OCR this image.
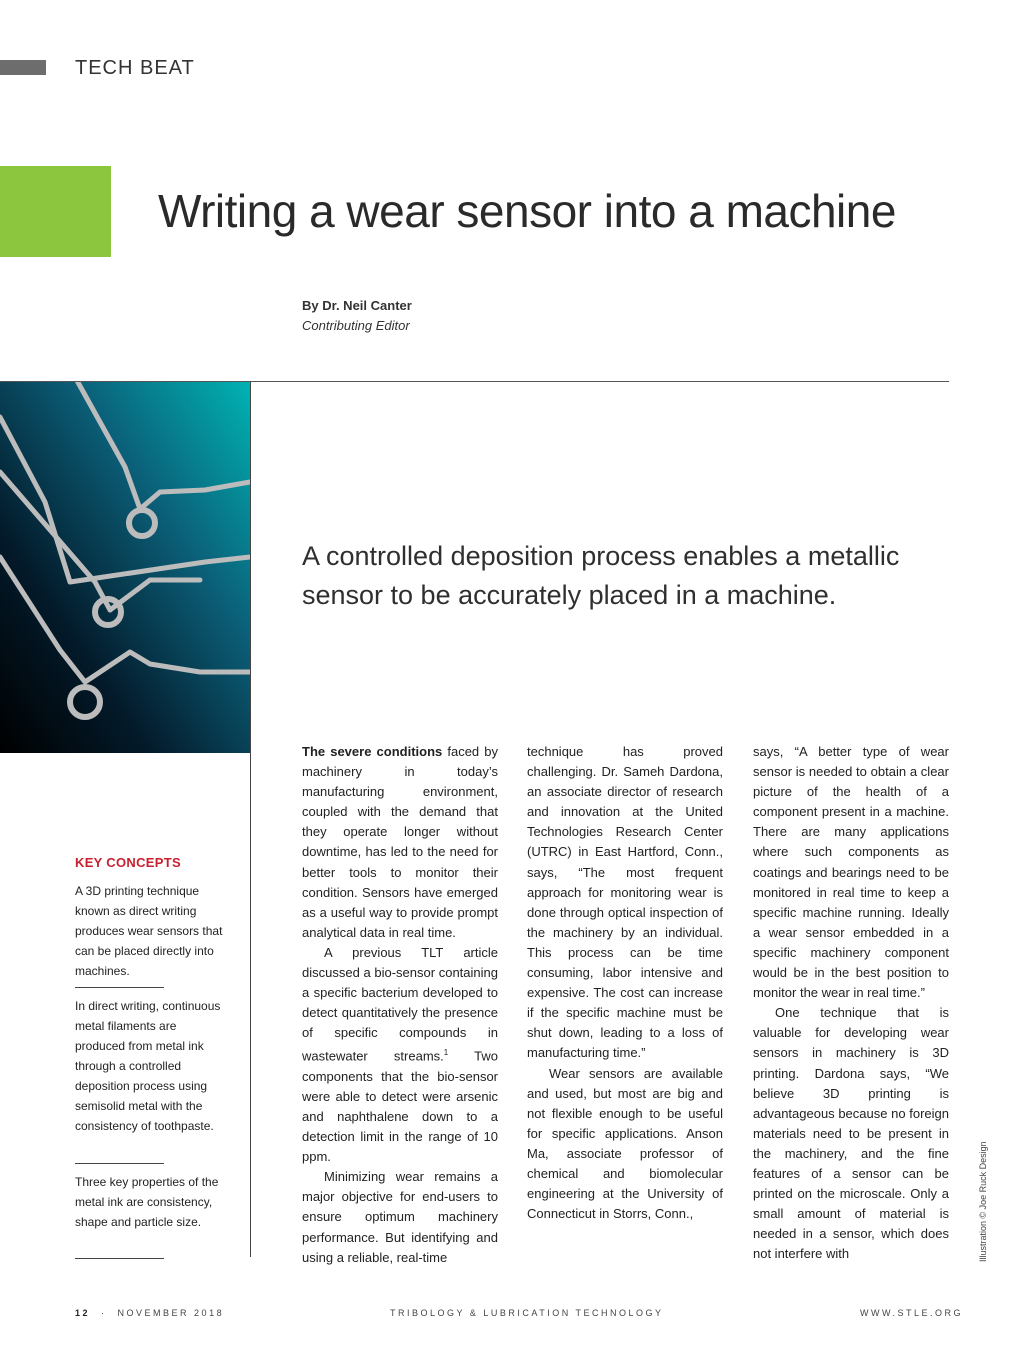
TECH BEAT
Writing a wear sensor into a machine
By Dr. Neil Canter
Contributing Editor
A controlled deposition process enables a metallic sensor to be accurately placed in a machine.
KEY CONCEPTS
A 3D printing technique known as direct writing produces wear sensors that can be placed directly into machines.
In direct writing, continuous metal filaments are produced from metal ink through a controlled deposition process using semisolid metal with the consistency of toothpaste.
Three key properties of the metal ink are consistency, shape and particle size.

The severe conditions faced by machinery in today’s manufacturing environment, coupled with the demand that they operate longer without downtime, has led to the need for better tools to monitor their condition. Sensors have emerged as a useful way to provide prompt analytical data in real time.

A previous TLT article discussed a bio-sensor containing a specific bacterium developed to detect quantitatively the presence of specific compounds in wastewater streams.$^1$ Two components that the bio-sensor were able to detect were arsenic and naphthalene down to a detection limit in the range of 10 ppm.

Minimizing wear remains a major objective for end-users to ensure optimum machinery performance. But identifying and using a reliable, real-time

technique has proved challenging. Dr. Sameh Dardona, an associate director of research and innovation at the United Technologies Research Center (UTRC) in East Hartford, Conn., says, “The most frequent approach for monitoring wear is done through optical inspection of the machinery by an individual. This process can be time consuming, labor intensive and expensive. The cost can increase if the specific machine must be shut down, leading to a loss of manufacturing time.”

Wear sensors are available and used, but most are big and not flexible enough to be useful for specific applications. Anson Ma, associate professor of chemical and biomolecular engineering at the University of Connecticut in Storrs, Conn.,

says, “A better type of wear sensor is needed to obtain a clear picture of the health of a component present in a machine. There are many applications where such components as coatings and bearings need to be monitored in real time to keep a specific machine running. Ideally a wear sensor embedded in a specific machinery component would be in the best position to monitor the wear in real time.”

One technique that is valuable for developing wear sensors in machinery is 3D printing. Dardona says, “We believe 3D printing is advantageous because no foreign materials need to be present in the machinery, and the fine features of a sensor can be printed on the microscale. Only a small amount of material is needed in a sensor, which does not interfere with	Illustration © Joe Ruck Design
12 · NOVEMBER 2018	TRIBOLOGY & LUBRICATION TECHNOLOGY	WWW.STLE.ORG
